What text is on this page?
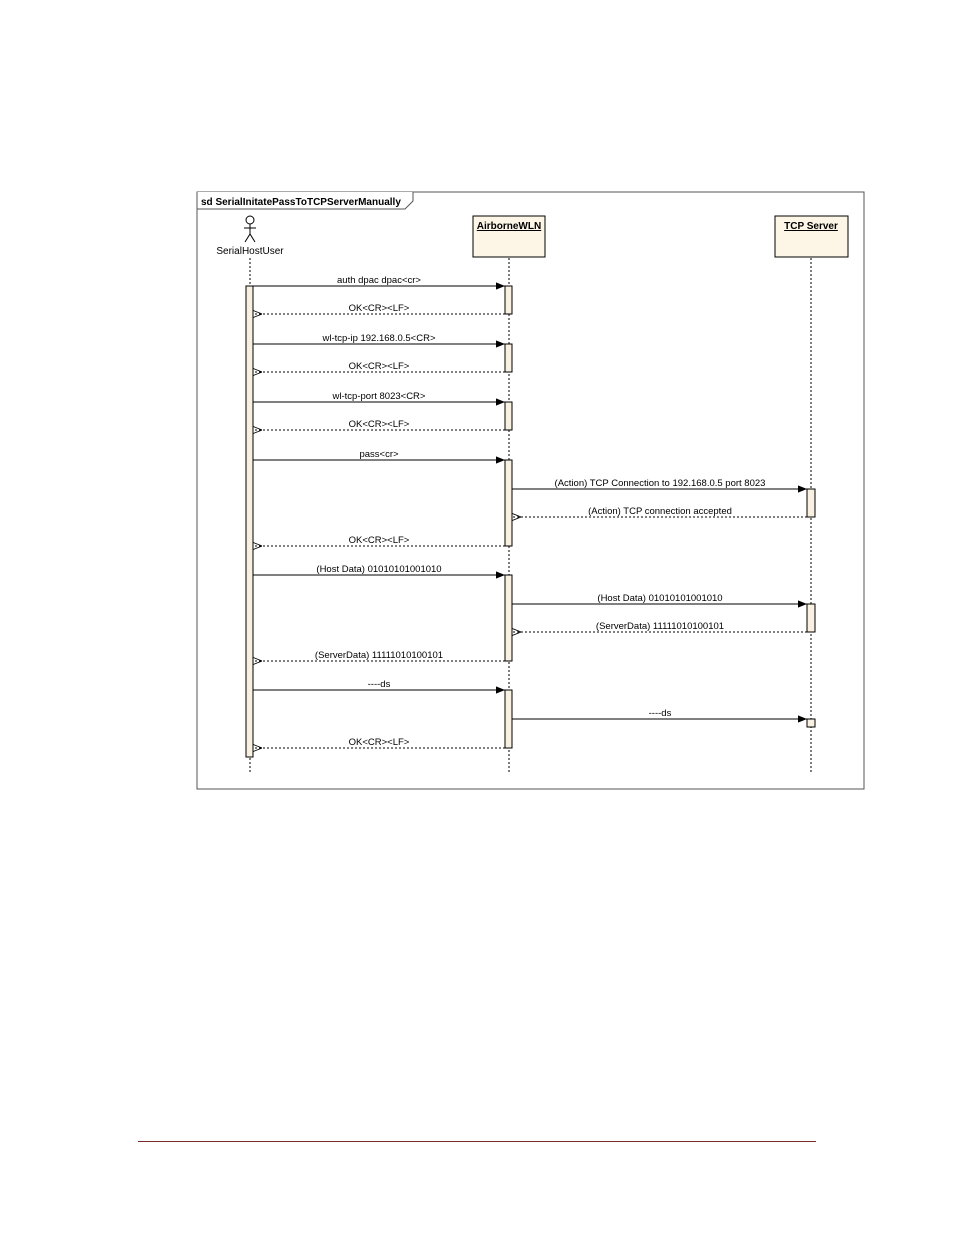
sd SerialInitatePassToTCPServerManually
SerialHostUser
AirborneWLN	TCP Server
auth dpac dpac<cr>
OK<CR><LF>
wl-tcp-ip 192.168.0.5<CR>
OK<CR><LF>
wl-tcp-port 8023<CR>
OK<CR><LF>
pass<cr>
(Action) TCP Connection to 192.168.0.5 port 8023
(Action) TCP connection accepted
OK<CR><LF>
(Host Data) 01010101001010
(Host Data) 01010101001010
(ServerData) 11111010100101
(ServerData) 11111010100101
----ds
----ds
OK<CR><LF>
